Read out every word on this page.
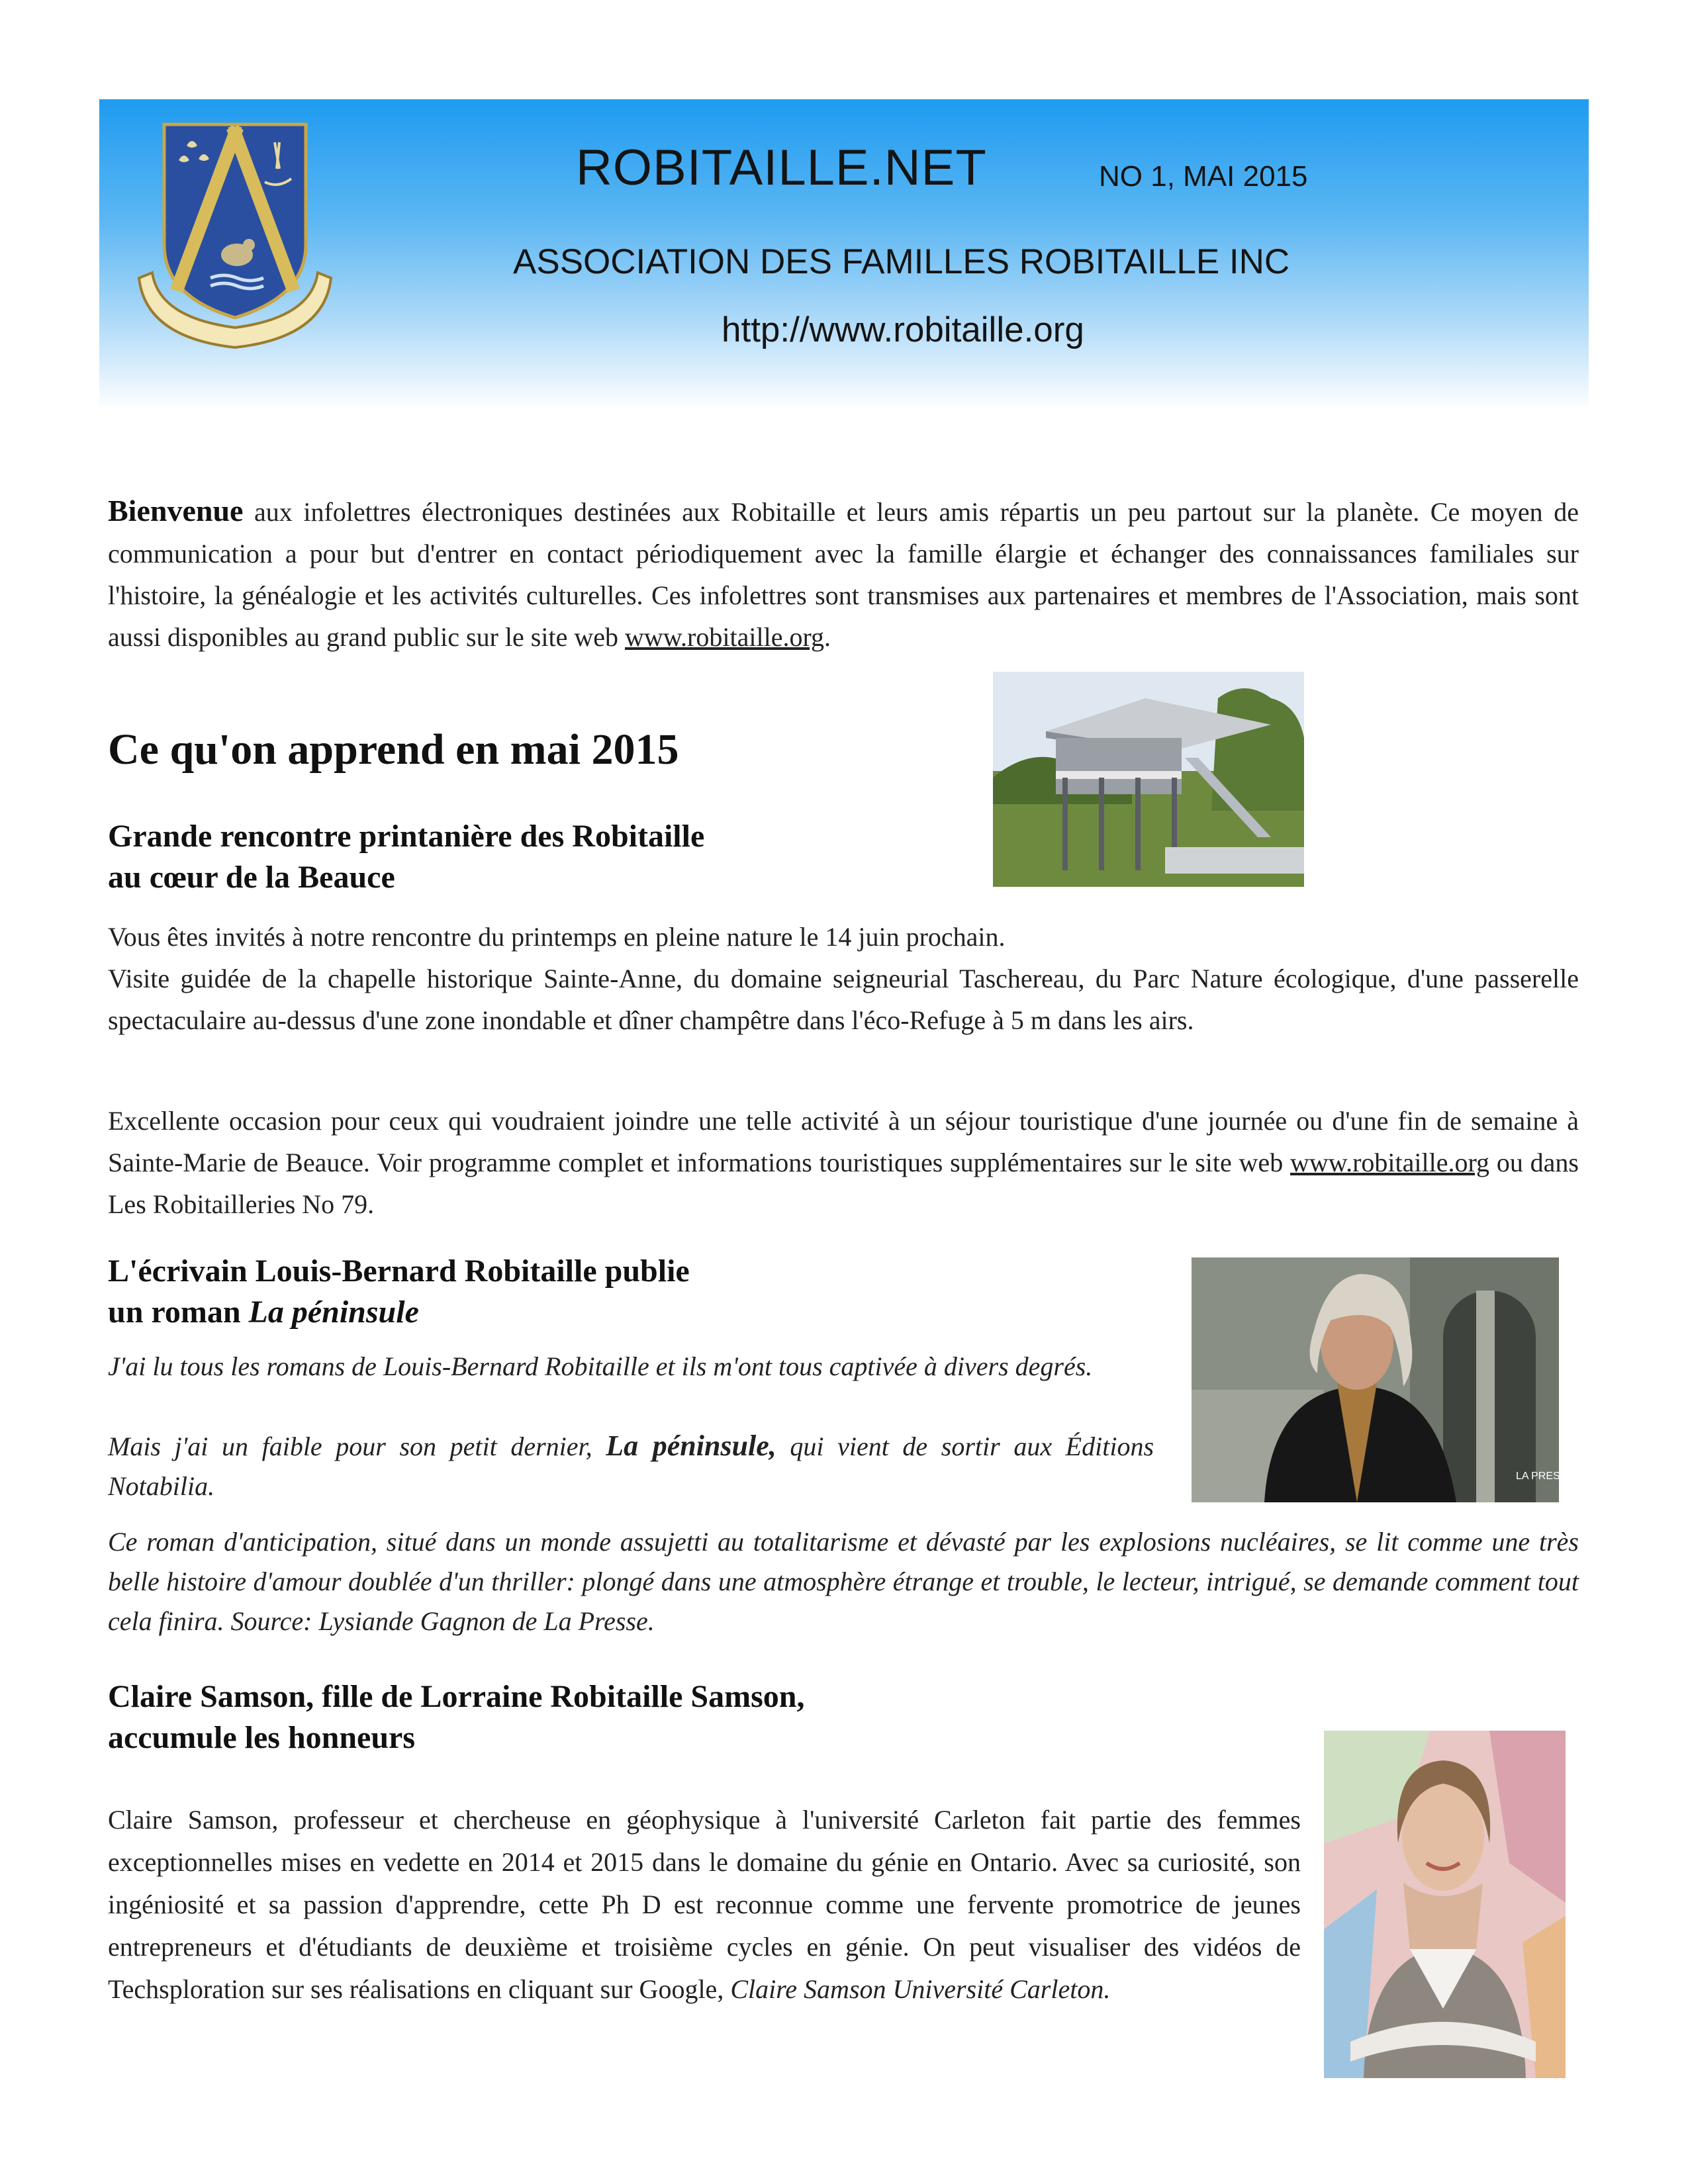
ROBITAILLE.NET	NO 1, MAI 2015
ASSOCIATION DES FAMILLES ROBITAILLE INC
http://www.robitaille.org

Bienvenue aux infolettres électroniques destinées aux Robitaille et leurs amis répartis un peu partout sur la planète. Ce moyen de communication a pour but d'entrer en contact périodiquement avec la famille élargie et échanger des connaissances familiales sur l'histoire, la généalogie et les activités culturelles. Ces infolettres sont transmises aux partenaires et membres de l'Association, mais sont aussi disponibles au grand public sur le site web www.robitaille.org.

Ce qu'on apprend en mai 2015
Grande rencontre printanière des Robitaille
au cœur de la Beauce

Vous êtes invités à notre rencontre du printemps en pleine nature le 14 juin prochain.

Visite guidée de la chapelle historique Sainte-Anne, du domaine seigneurial Taschereau, du Parc Nature écologique, d'une passerelle spectaculaire au-dessus d'une zone inondable et dîner champêtre dans l'éco-Refuge à 5 m dans les airs.

Excellente occasion pour ceux qui voudraient joindre une telle activité à un séjour touristique d'une journée ou d'une fin de semaine à Sainte-Marie de Beauce. Voir programme complet et informations touristiques supplémentaires sur le site web www.robitaille.org ou dans Les Robitailleries No 79.

L'écrivain Louis-Bernard Robitaille publie
un roman La péninsule
LA PRESSE

J'ai lu tous les romans de Louis-Bernard Robitaille et ils m'ont tous captivée à divers degrés.

Mais j'ai un faible pour son petit dernier, La péninsule, qui vient de sortir aux Éditions Notabilia.

Ce roman d'anticipation, situé dans un monde assujetti au totalitarisme et dévasté par les explosions nucléaires, se lit comme une très belle histoire d'amour doublée d'un thriller: plongé dans une atmosphère étrange et trouble, le lecteur, intrigué, se demande comment tout cela finira. Source: Lysiande Gagnon de La Presse.

Claire Samson, fille de Lorraine Robitaille Samson,
accumule les honneurs

Claire Samson, professeur et chercheuse en géophysique à l'université Carleton fait partie des femmes exceptionnelles mises en vedette en 2014 et 2015 dans le domaine du génie en Ontario. Avec sa curiosité, son ingéniosité et sa passion d'apprendre, cette Ph D est reconnue comme une fervente promotrice de jeunes entrepreneurs et d'étudiants de deuxième et troisième cycles en génie. On peut visualiser des vidéos de Techsploration sur ses réalisations en cliquant sur Google, Claire Samson Université Carleton.
